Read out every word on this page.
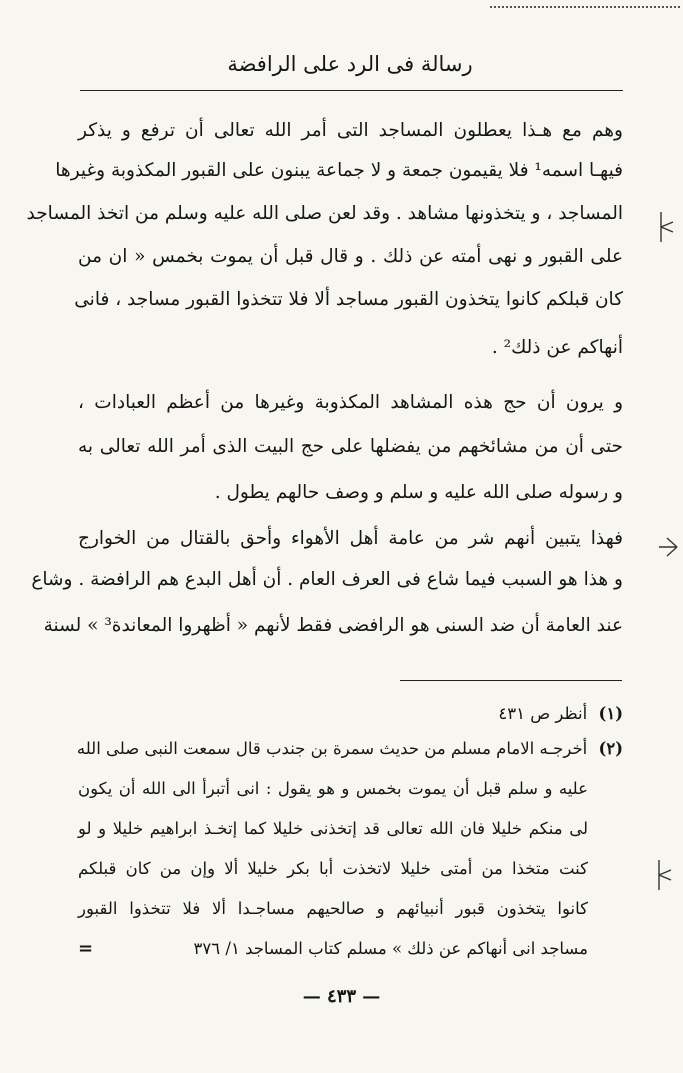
رسالة فى الرد على الرافضة
وهم مع هـذا يعطلون المساجد التى أمر الله تعالى أن ترفع و يذكر
فيهـا اسمه¹ فلا يقيمون جمعة و لا جماعة يبنون على القبور المكذوبة وغيرها
المساجد ، و يتخذونها مشاهد . وقد لعن صلى الله عليه وسلم من اتخذ المساجد
على القبور و نهى أمته عن ذلك . و قال قبل أن يموت بخمس « ان من
كان قبلكم كانوا يتخذون القبور مساجد ألا فلا تتخذوا القبور مساجد ، فانى
أنهاكم عن ذلك² .
و يرون أن حج هذه المشاهد المكذوبة وغيرها من أعظم العبادات ،
حتى أن من مشائخهم من يفضلها على حج البيت الذى أمر الله تعالى به
و رسوله صلى الله عليه و سلم و وصف حالهم يطول .
فهذا يتبين أنهم شر من عامة أهل الأهواء وأحق بالقتال من الخوارج
و هذا هو السبب فيما شاع فى العرف العام . أن أهل البدع هم الرافضة . وشاع
عند العامة أن ضد السنى هو الرافضى فقط لأنهم « أظهروا المعاندة³ » لسنة
(١) أنظر ص ٤٣١
(٢) أخرجـه الامام مسلم من حديث سمرة بن جندب قال سمعت النبى صلى الله
عليه و سلم قبل أن يموت بخمس و هو يقول : انى أتبرأ الى الله أن يكون
لى منكم خليلا فان الله تعالى قد إتخذنى خليلا كما إتخـذ ابراهيم خليلا و لو
كنت متخذا من أمتى خليلا لاتخذت أبا بكر خليلا ألا وإن من كان قبلكم
كانوا يتخذون قبور أنبيائهم و صالحيهم مساجـدا ألا فلا تتخذوا القبور
مساجد انى أنهاكم عن ذلك » مسلم كتاب المساجد ١/ ٣٧٦
=
— ٤٣٣ —
